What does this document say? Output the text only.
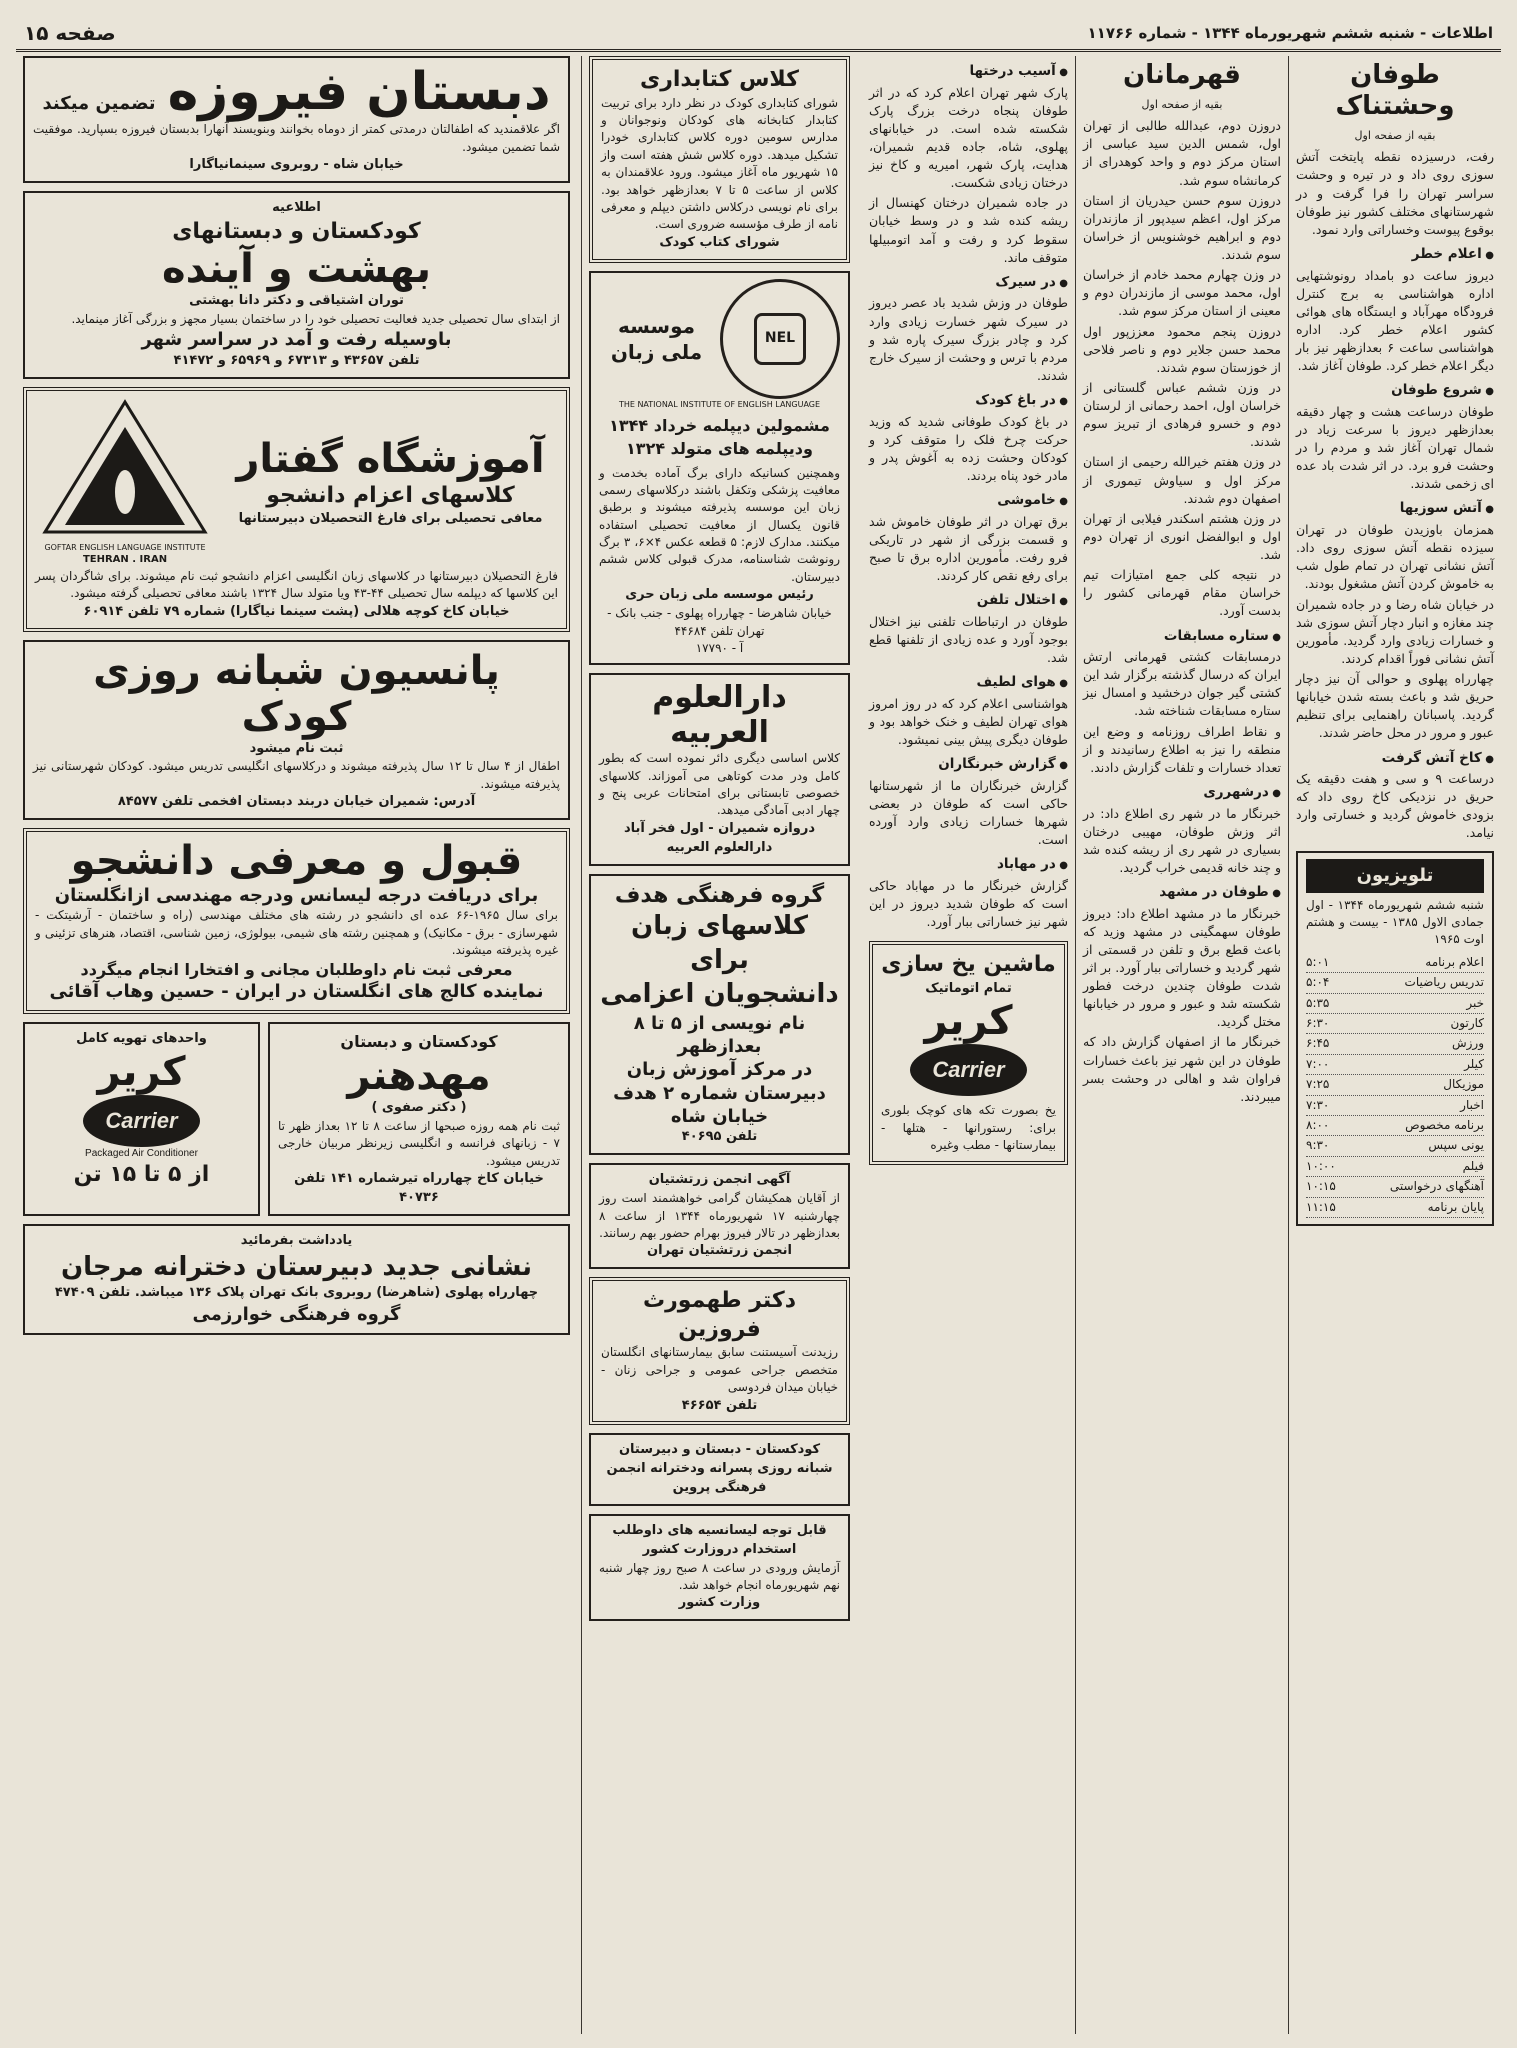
اطلاعات - شنبه ششم شهریورماه ۱۳۴۴ - شماره ۱۱۷۶۶
صفحه ۱۵
طوفان وحشتناک
بقیه از صفحه اول

رفت، درسیزده نقطه پایتخت آتش سوزی روی داد و در تیره و وحشت سراسر تهران را فرا گرفت و در شهرستانهای مختلف کشور نیز طوفان بوقوع پیوست وخساراتی وارد نمود.

● اعلام خطر

دیروز ساعت دو بامداد رونوشتهایی اداره هواشناسی به برج کنترل فرودگاه مهرآباد و ایستگاه های هوائی کشور اعلام خطر کرد. اداره هواشناسی ساعت ۶ بعدازظهر نیز بار دیگر اعلام خطر کرد. طوفان آغاز شد.

● شروع طوفان

طوفان درساعت هشت و چهار دقیقه بعدازظهر دیروز با سرعت زیاد در شمال تهران آغاز شد و مردم را در وحشت فرو برد. در اثر شدت باد عده ای زخمی شدند.

● آتش سوزیها

همزمان باوزیدن طوفان در تهران سیزده نقطه آتش سوزی روی داد. آتش نشانی تهران در تمام طول شب به خاموش کردن آتش مشغول بودند.

در خیابان شاه رضا و در جاده شمیران چند مغازه و انبار دچار آتش سوزی شد و خسارات زیادی وارد گردید. مأمورین آتش نشانی فوراً اقدام کردند.

چهارراه پهلوی و حوالی آن نیز دچار حریق شد و باعث بسته شدن خیابانها گردید. پاسبانان راهنمایی برای تنظیم عبور و مرور در محل حاضر شدند.

● کاخ آتش گرفت

درساعت ۹ و سی و هفت دقیقه یک حریق در نزدیکی کاخ روی داد که بزودی خاموش گردید و خسارتی وارد نیامد.

تلویزیون
شنبه ششم شهریورماه ۱۳۴۴ - اول جمادی الاول ۱۳۸۵ - بیست و هشتم اوت ۱۹۶۵
اعلام برنامه
۵:۰۱
تدریس ریاضیات
۵:۰۴
خبر
۵:۳۵
کارتون
۶:۳۰
ورزش
۶:۴۵
کیلر
۷:۰۰
موزیکال
۷:۲۵
اخبار
۷:۳۰
برنامه مخصوص
۸:۰۰
یونی سپس
۹:۳۰
فیلم
۱۰:۰۰
آهنگهای درخواستی
۱۰:۱۵
پایان برنامه
۱۱:۱۵
قهرمانان
بقیه از صفحه اول

دروزن دوم، عبدالله طالبی از تهران اول، شمس الدین سید عباسی از استان مرکز دوم و واحد کوهدرای از کرمانشاه سوم شد.

دروزن سوم حسن حیدریان از استان مرکز اول، اعظم سیدپور از مازندران دوم و ابراهیم خوشنویس از خراسان سوم شدند.

در وزن چهارم محمد خادم از خراسان اول، محمد موسی از مازندران دوم و معینی از استان مرکز سوم شد.

دروزن پنجم محمود معززپور اول محمد حسن جلایر دوم و ناصر فلاحی از خوزستان سوم شدند.

در وزن ششم عباس گلستانی از خراسان اول، احمد رحمانی از لرستان دوم و خسرو فرهادی از تبریز سوم شدند.

در وزن هفتم خیرالله رحیمی از استان مرکز اول و سیاوش تیموری از اصفهان دوم شدند.

در وزن هشتم اسکندر فیلابی از تهران اول و ابوالفضل انوری از تهران دوم شد.

در نتیجه کلی جمع امتیازات تیم خراسان مقام قهرمانی کشور را بدست آورد.

● ستاره مسابقات

درمسابقات کشتی قهرمانی ارتش ایران که درسال گذشته برگزار شد این کشتی گیر جوان درخشید و امسال نیز ستاره مسابقات شناخته شد.

و نقاط اطراف روزنامه و وضع این منطقه را نیز به اطلاع رسانیدند و از تعداد خسارات و تلفات گزارش دادند.

● درشهرری

خبرنگار ما در شهر ری اطلاع داد: در اثر وزش طوفان، مهیبی درختان بسیاری در شهر ری از ریشه کنده شد و چند خانه قدیمی خراب گردید.

● طوفان در مشهد

خبرنگار ما در مشهد اطلاع داد: دیروز طوفان سهمگینی در مشهد وزید که باعث قطع برق و تلفن در قسمتی از شهر گردید و خساراتی ببار آورد. بر اثر شدت طوفان چندین درخت فطور شکسته شد و عبور و مرور در خیابانها مختل گردید.

خبرنگار ما از اصفهان گزارش داد که طوفان در این شهر نیز باعث خسارات فراوان شد و اهالی در وحشت بسر میبردند.

● آسیب درختها

پارک شهر تهران اعلام کرد که در اثر طوفان پنجاه درخت بزرگ پارک شکسته شده است. در خیابانهای پهلوی، شاه، جاده قدیم شمیران، هدایت، پارک شهر، امیریه و کاخ نیز درختان زیادی شکست.

در جاده شمیران درختان کهنسال از ریشه کنده شد و در وسط خیابان سقوط کرد و رفت و آمد اتومبیلها متوقف ماند.

● در سیرک

طوفان در وزش شدید باد عصر دیروز در سیرک شهر خسارت زیادی وارد کرد و چادر بزرگ سیرک پاره شد و مردم با ترس و وحشت از سیرک خارج شدند.

● در باغ کودک

در باغ کودک طوفانی شدید که وزید حرکت چرخ فلک را متوقف کرد و کودکان وحشت زده به آغوش پدر و مادر خود پناه بردند.

● خاموشی

برق تهران در اثر طوفان خاموش شد و قسمت بزرگی از شهر در تاریکی فرو رفت. مأمورین اداره برق تا صبح برای رفع نقص کار کردند.

● اختلال تلفن

طوفان در ارتباطات تلفنی نیز اختلال بوجود آورد و عده زیادی از تلفنها قطع شد.

● هوای لطیف

هواشناسی اعلام کرد که در روز امروز هوای تهران لطیف و خنک خواهد بود و طوفان دیگری پیش بینی نمیشود.

● گزارش خبرنگاران

گزارش خبرنگاران ما از شهرستانها حاکی است که طوفان در بعضی شهرها خسارات زیادی وارد آورده است.

● در مهاباد

گزارش خبرنگار ما در مهاباد حاکی است که طوفان شدید دیروز در این شهر نیز خساراتی ببار آورد.

ماشین یخ سازی
تمام اتوماتیک
کریر
Carrier
یخ بصورت تکه های کوچک بلوری برای: رستورانها - هتلها - بیمارستانها - مطب وغیره
کلاس کتابداری
شورای کتابداری کودک در نظر دارد برای تربیت کتابدار کتابخانه های کودکان ونوجوانان و مدارس سومین دوره کلاس کتابداری خودرا تشکیل میدهد. دوره کلاس شش هفته است واز ۱۵ شهریور ماه آغاز میشود. ورود علاقمندان به کلاس از ساعت ۵ تا ۷ بعدازظهر خواهد بود. برای نام نویسی درکلاس داشتن دیپلم و معرفی نامه از طرف مؤسسه ضروری است.
شورای کتاب کودک
NEL
موسسه ملی زبان
THE NATIONAL INSTITUTE OF ENGLISH LANGUAGE
مشمولین دیپلمه خرداد ۱۳۴۴ ودیپلمه های متولد ۱۳۲۴
وهمچنین کسانیکه دارای برگ آماده بخدمت و معافیت پزشکی وتکفل باشند درکلاسهای رسمی زبان این موسسه پذیرفته میشوند و برطبق قانون یکسال از معافیت تحصیلی استفاده میکنند. مدارک لازم: ۵ قطعه عکس ۴×۶، ۳ برگ رونوشت شناسنامه، مدرک قبولی کلاس ششم دبیرستان.
رئیس موسسه ملی زبان حری
خیابان شاهرضا - چهارراه پهلوی - جنب بانک - تهران تلفن ۴۴۶۸۴
آ - ۱۷۷۹۰
دارالعلوم العربیه
کلاس اساسی دیگری دائر نموده است که بطور کامل ودر مدت کوتاهی می آموزاند. کلاسهای خصوصی تابستانی برای امتحانات عربی پنج و چهار ادبی آمادگی میدهد.
دروازه شمیران - اول فخر آباد دارالعلوم العربیه
گروه فرهنگی هدف
کلاسهای زبان برای
دانشجویان اعزامی
نام نویسی از ۵ تا ۸ بعدازظهر
در مرکز آموزش زبان
دبیرستان شماره ۲ هدف
خیابان شاه
تلفن ۴۰۶۹۵
آگهی انجمن زرتشتیان
از آقایان همکیشان گرامی خواهشمند است روز چهارشنبه ۱۷ شهریورماه ۱۳۴۴ از ساعت ۸ بعدازظهر در تالار فیروز بهرام حضور بهم رسانند.
انجمن زرتشتیان تهران
دکتر طهمورث فروزین
رزیدنت آسیستنت سابق بیمارستانهای انگلستان متخصص جراحی عمومی و جراحی زنان - خیابان میدان فردوسی
تلفن ۴۶۶۵۴
کودکستان - دبستان و دبیرستان شبانه روزی پسرانه ودخترانه انجمن فرهنگی پروین
قابل توجه لیسانسیه های داوطلب استخدام دروزارت کشور
آزمایش ورودی در ساعت ۸ صبح روز چهار شنبه نهم شهریورماه انجام خواهد شد.
وزارت کشور
دبستان فیروزه
تضمین میکند
اگر علاقمندید که اطفالتان درمدتی کمتر از دوماه بخوانند وبنویسند آنهارا بدبستان فیروزه بسپارید. موفقیت شما تضمین میشود.
خیابان شاه - روبروی سینمانیاگارا
اطلاعیه
کودکستان و دبستانهای
بهشت و آینده
توران اشتیاقی و دکتر دانا بهشتی
از ابتدای سال تحصیلی جدید فعالیت تحصیلی خود را در ساختمان بسیار مجهز و بزرگی آغاز مینماید.
باوسیله رفت و آمد در سراسر شهر
تلفن ۴۳۶۵۷ و ۶۷۳۱۳ و ۶۵۹۶۹ و ۴۱۴۷۲
آموزشگاه گفتار
کلاسهای اعزام دانشجو
معافی تحصیلی برای فارغ التحصیلان دبیرستانها
GOFTAR ENGLISH LANGUAGE INSTITUTE
TEHRAN . IRAN
فارغ التحصیلان دبیرستانها در کلاسهای زبان انگلیسی اعزام دانشجو ثبت نام میشوند. برای شاگردان پسر این کلاسها که دیپلمه سال تحصیلی ۴۴-۴۳ ویا متولد سال ۱۳۲۴ باشند معافی تحصیلی گرفته میشود.
خیابان کاخ کوچه هلالی (پشت سینما نیاگارا) شماره ۷۹ تلفن ۶۰۹۱۴
پانسیون شبانه روزی کودک
ثبت نام میشود
اطفال از ۴ سال تا ۱۲ سال پذیرفته میشوند و درکلاسهای انگلیسی تدریس میشود. کودکان شهرستانی نیز پذیرفته میشوند.
آدرس: شمیران خیابان دربند دبستان افخمی تلفن ۸۴۵۷۷
قبول و معرفی دانشجو
برای دریافت درجه لیسانس ودرجه مهندسی ازانگلستان
برای سال ۱۹۶۵-۶۶ عده ای دانشجو در رشته های مختلف مهندسی (راه و ساختمان - آرشیتکت - شهرسازی - برق - مکانیک) و همچنین رشته های شیمی، بیولوژی، زمین شناسی، اقتصاد، هنرهای تزئینی و غیره پذیرفته میشوند.
معرفی ثبت نام داوطلبان مجانی و افتخارا انجام میگردد
نماینده کالج های انگلستان در ایران - حسین وهاب آقائی
کودکستان و دبستان
مهدهنر
( دکتر صفوی )
ثبت نام همه روزه صبحها از ساعت ۸ تا ۱۲ بعداز ظهر تا ۷ - زبانهای فرانسه و انگلیسی زیرنظر مربیان خارجی تدریس میشود.
خیابان کاخ چهارراه تیرشماره ۱۴۱ تلفن ۴۰۷۳۶
واحدهای تهویه کامل
کریر
Carrier
Packaged Air Conditioner
از ۵ تا ۱۵ تن
یادداشت بفرمائید
نشانی جدید دبیرستان دخترانه مرجان
چهارراه پهلوی (شاهرضا) روبروی بانک تهران پلاک ۱۳۶ میباشد. تلفن ۴۷۴۰۹
گروه فرهنگی خوارزمی
